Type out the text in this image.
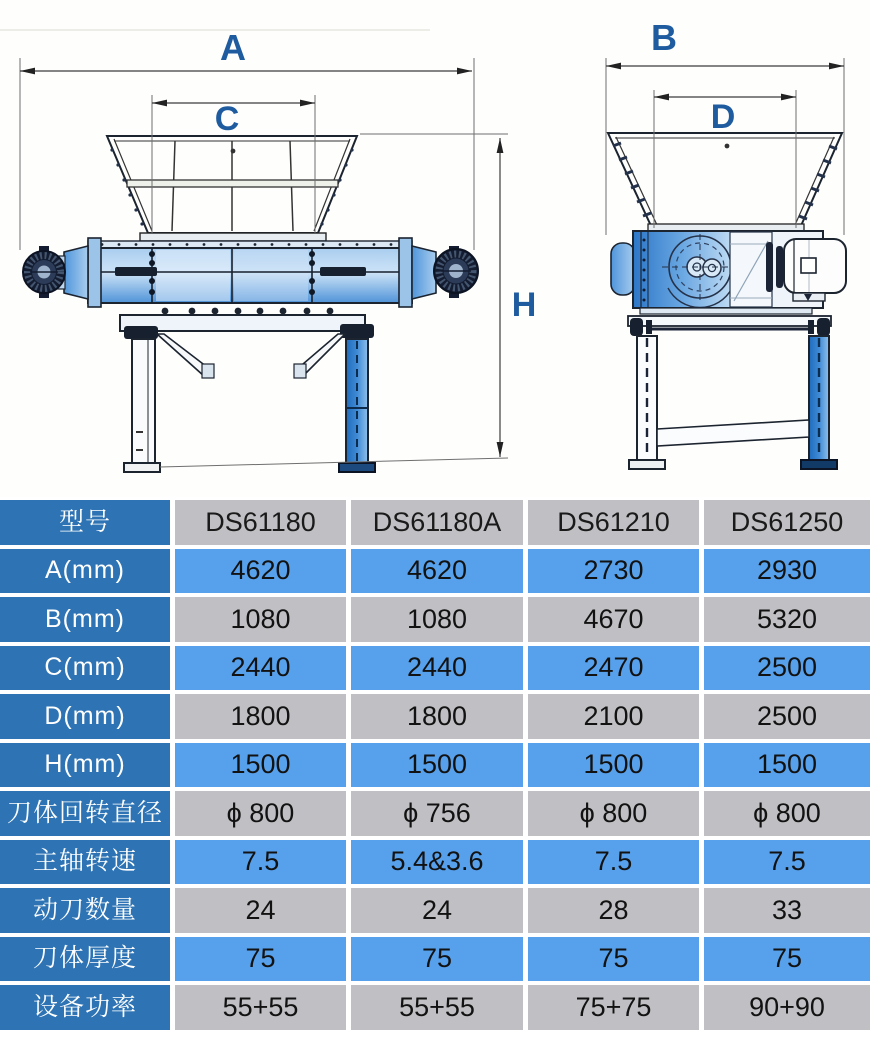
A
C
H
B
D
型号	DS61180	DS61180A	DS61210	DS61250
A(mm)	4620	4620	2730	2930
B(mm)	1080	1080	4670	5320
C(mm)	2440	2440	2470	2500
D(mm)	1800	1800	2100	2500
H(mm)	1500	1500	1500	1500
刀体回转直径	ϕ 800	ϕ 756	ϕ 800	ϕ 800
主轴转速	7.5	5.4&3.6	7.5	7.5
动刀数量	24	24	28	33
刀体厚度	75	75	75	75
设备功率	55+55	55+55	75+75	90+90
